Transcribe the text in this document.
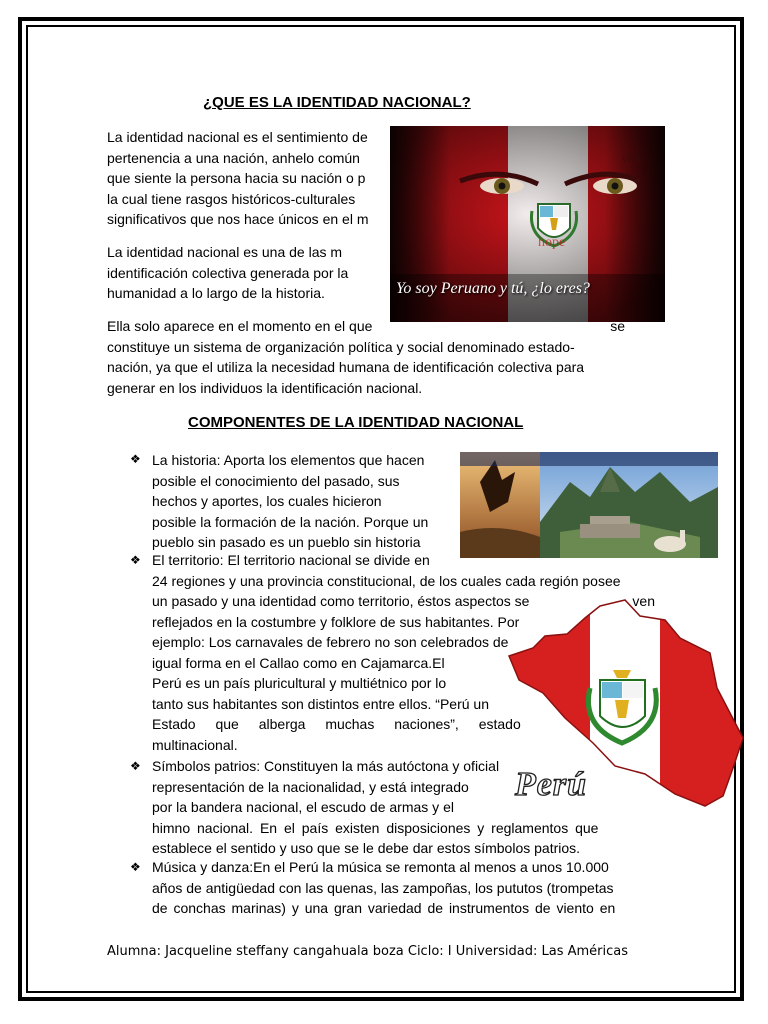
¿QUE ES LA IDENTIDAD NACIONAL?
La identidad nacional es el sentimiento de
pertenencia a una nación, anhelo común
que siente la persona hacia su nación o p
la cual tiene rasgos históricos-culturales
significativos que nos hace únicos en el m
La identidad nacional es una de las m
identificación colectiva generada por la
humanidad a lo largo de la historia.
hope
vivir
Yo soy Peruano y tú, ¿lo eres?
Ella solo aparece en el momento en el que	se
constituye un sistema de organización política y social denominado estado-
nación, ya que el utiliza la necesidad humana de identificación colectiva para
generar en los individuos la identificación nacional.
COMPONENTES DE LA IDENTIDAD NACIONAL
❖ La historia: Aporta los elementos que hacen
posible el conocimiento del pasado, sus
hechos y aportes, los cuales hicieron
posible la formación de la nación. Porque un
pueblo sin pasado es un pueblo sin historia
❖ El territorio: El territorio nacional se divide en
24 regiones y una provincia constitucional, de los cuales cada región posee
un pasado y una identidad como territorio, éstos aspectos se	ven
reflejados en la costumbre y folklore de sus habitantes. Por
ejemplo: Los carnavales de febrero no son celebrados de
igual forma en el Callao como en Cajamarca.El
Perú es un país pluricultural y multiétnico por lo
tanto sus habitantes son distintos entre ellos. “Perú un
Estado que alberga muchas naciones”, estado
multinacional.
Perú
❖ Símbolos patrios: Constituyen la más autóctona y oficial
representación de la nacionalidad, y está integrado
por la bandera nacional, el escudo de armas y el
himno nacional. En el país existen disposiciones y reglamentos que
establece el sentido y uso que se le debe dar estos símbolos patrios.
❖ Música y danza:En el Perú la música se remonta al menos a unos 10.000
años de antigüedad con las quenas, las zampoñas, los pututos (trompetas
de conchas marinas) y una gran variedad de instrumentos de viento en
Alumna: Jacqueline steffany cangahuala boza Ciclo: I Universidad: Las Américas
